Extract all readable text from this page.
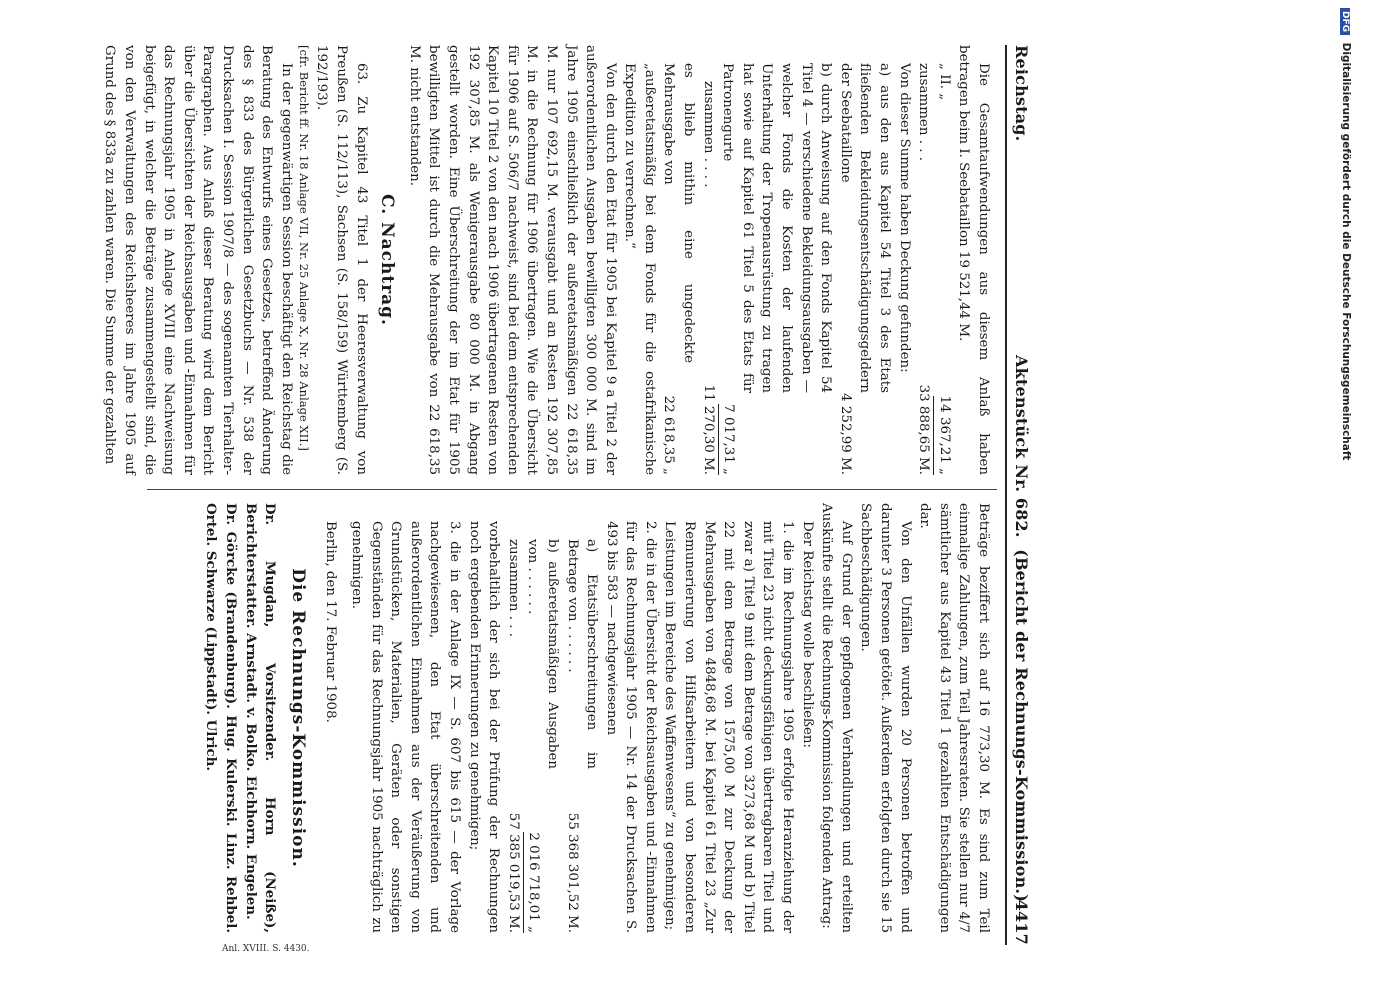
Reichstag.
Aktenstück Nr. 682.  (Bericht der Rechnungs-Kommission.)
4417

Die Gesamtaufwendungen aus diesem Anlaß haben betragen beim I. Seebataillon 19 521,44 M.

„ II. „
14 367,21 „
zusammen . . .
33 888,65 M.

Von dieser Summe haben Deckung gefunden:

a) aus den aus Kapitel 54 Titel 3 des Etats fließenden Bekleidungsentschädigungsgeldern der Seebataillone
4 252,99 M.
b) durch Anweisung auf den Fonds Kapitel 54 Titel 4 — verschiedene Bekleidungsausgaben — welcher Fonds die Kosten der laufenden Unterhaltung der Tropenausrüstung zu tragen hat sowie auf Kapitel 61 Titel 5 des Etats für Patronengurte
7 017,31 „
zusammen . . . .
11 270,30 M.
es blieb mithin eine ungedeckte Mehrausgabe von
22 618,35 „

„außeretatsmäßig bei dem Fonds für die ostafrikanische Expedition zu verrechnen.“

Von den durch den Etat für 1905 bei Kapitel 9 a Titel 2 der außerordentlichen Ausgaben bewilligten 300 000 M. sind im Jahre 1905 einschließlich der außeretatsmäßigen 22 618,35 M. nur 107 692,15 M. verausgabt und an Resten 192 307,85 M. in die Rechnung für 1906 übertragen. Wie die Übersicht für 1906 auf S. 506/7 nachweist, sind bei dem entsprechenden Kapitel 10 Titel 2 von den nach 1906 übertragenen Resten von 192 307,85 M. als Wenigerausgabe 80 000 M. in Abgang gestellt worden. Eine Überschreitung der im Etat für 1905 bewilligten Mittel ist durch die Mehrausgabe von 22 618,35 M. nicht entstanden.

C. Nachtrag.

63. Zu Kapitel 43 Titel 1 der Heeresverwaltung von Preußen (S. 112/113), Sachsen (S. 158/159) Württemberg (S. 192/193).

[cfr. Bericht ff. Nr. 18 Anlage VII, Nr. 25 Anlage X, Nr. 28 Anlage XII.]

In der gegenwärtigen Session beschäftigt den Reichstag die Beratung des Entwurfs eines Gesetzes, betreffend Änderung des § 833 des Bürgerlichen Gesetzbuchs — Nr. 538 der Drucksachen I. Session 1907/8 — des sogenannten Tierhalter-Paragraphen. Aus Anlaß dieser Beratung wird dem Bericht über die Übersichten der Reichsausgaben und -Einnahmen für das Rechnungsjahr 1905 in Anlage XVIII eine Nachweisung beigefügt, in welcher die Beträge zusammengestellt sind, die von den Verwaltungen des Reichsheeres im Jahre 1905 auf Grund des § 833a zu zahlen waren. Die Summe der gezahlten

Beträge beziffert sich auf 16 773,30 M. Es sind zum Teil einmalige Zahlungen, zum Teil Jahresraten. Sie stellen nur 4/7 sämtlicher aus Kapitel 43 Titel 1 gezahlten Entschädigungen dar.

Von den Unfällen wurden 20 Personen betroffen und darunter 3 Personen getötet. Außerdem erfolgten durch sie 15 Sachbeschädigungen.

Auf Grund der gepflogenen Verhandlungen und erteilten Auskünfte stellt die Rechnungs-Kommission folgenden Antrag:

Der Reichstag wolle beschließen:

1. die im Rechnungsjahre 1905 erfolgte Heranziehung der mit Titel 23 nicht deckungsfähigen übertragbaren Titel und zwar a) Titel 9 mit dem Betrage von 3273,68 M und b) Titel 22 mit dem Betrage von 1575,00 M zur Deckung der Mehrausgaben von 4848,68 M. bei Kapitel 61 Titel 23 „Zur Remunerierung von Hilfsarbeitern und von besonderen Leistungen im Bereiche des Waffenwesens“ zu genehmigen;

2. die in der Übersicht der Reichsausgaben und -Einnahmen für das Rechnungsjahr 1905 — Nr. 14 der Drucksachen S. 493 bis 583 — nachgewiesenen

a) Etatsüberschreitungen im Betrage von . . . . . .
55 368 301,52 M.
b) außeretatsmäßigen Ausgaben von . . . . . .
2 016 718,01 „
zusammen . . .
57 385 019,53 M.

vorbehaltlich der sich bei der Prüfung der Rechnungen noch ergebenden Erinnerungen zu genehmigen;

3. die in der Anlage IX — S. 607 bis 615 — der Vorlage nachgewiesenen, den Etat überschreitenden und außerordentlichen Einnahmen aus der Veräußerung von Grundstücken, Materialien, Geräten oder sonstigen Gegenständen für das Rechnungsjahr 1905 nachträglich zu genehmigen.

Berlin, den 17. Februar 1908.

Die Rechnungs-Kommission.

Dr. Mugdan, Vorsitzender. Horn (Neiße), Berichterstatter. Arnstadt. v. Bolko. Eichhorn. Engelen.

Dr. Görcke (Brandenburg). Hug. Kulerski. Linz. Rehbel. Ortel. Schwarze (Lippstadt). Ulrich.

Anl. XVIII. S. 4430.
DFG Digitalisierung gefördert durch die Deutsche Forschungsgemeinschaft
